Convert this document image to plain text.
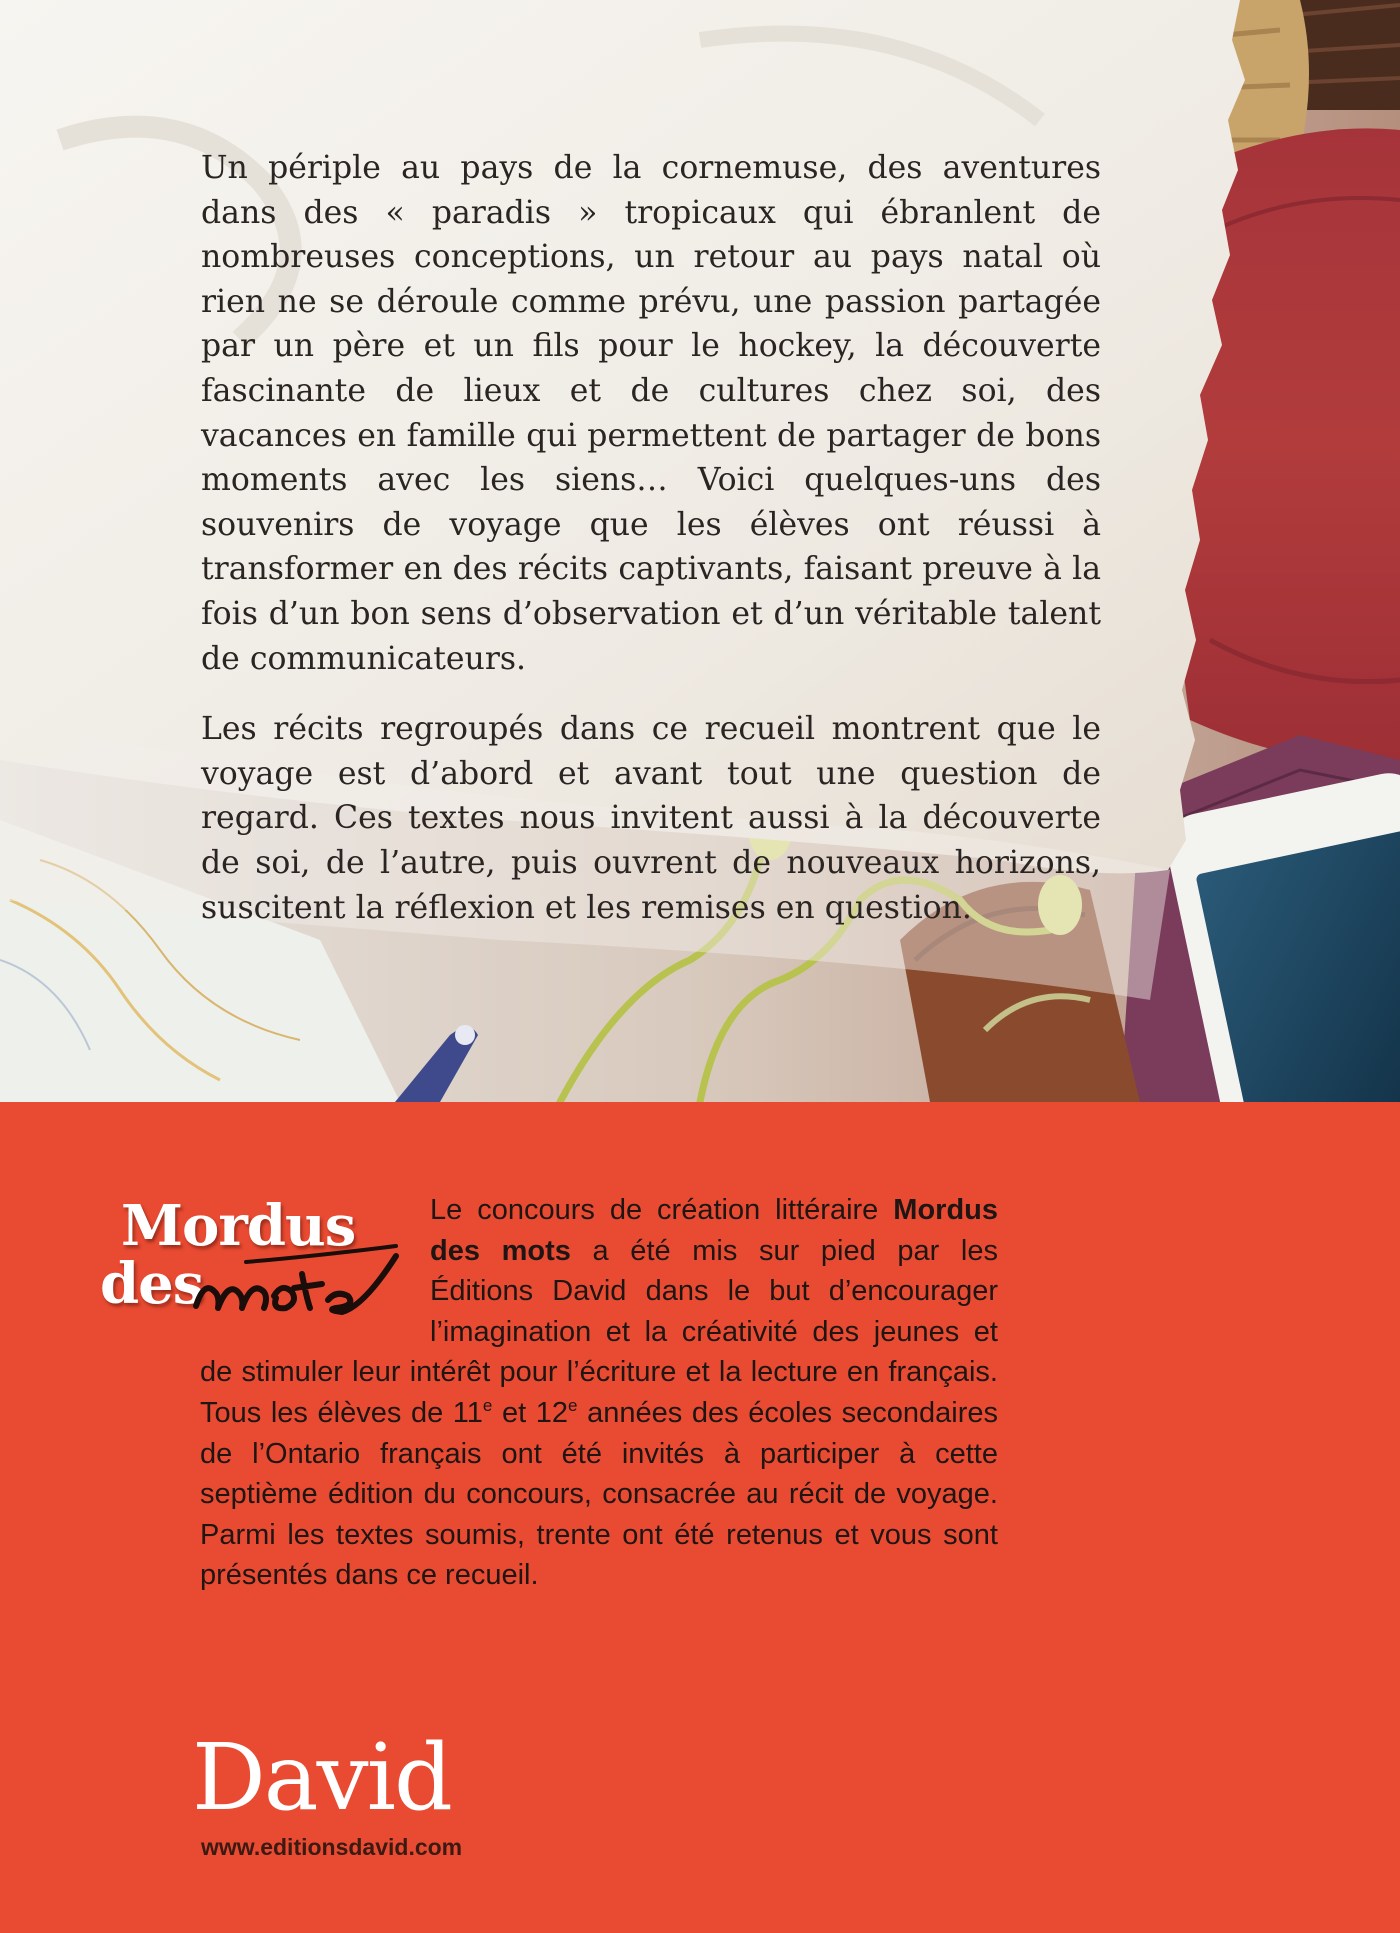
Un périple au pays de la cornemuse, des aventures dans des « paradis » tropicaux qui ébranlent de nombreuses conceptions, un retour au pays natal où rien ne se déroule comme prévu, une passion partagée par un père et un fils pour le hockey, la découverte fascinante de lieux et de cultures chez soi, des vacances en famille qui permettent de partager de bons moments avec les siens… Voici quelques-uns des souvenirs de voyage que les élèves ont réussi à transformer en des récits captivants, faisant preuve à la fois d’un bon sens d’observation et d’un véritable talent de communicateurs.

Les récits regroupés dans ce recueil montrent que le voyage est d’abord et avant tout une question de regard. Ces textes nous invitent aussi à la découverte de soi, de l’autre, puis ouvrent de nouveaux horizons, suscitent la réflexion et les remises en question.

Mordus
des
Le concours de création littéraire Mordus des mots a été mis sur pied par les Éditions David dans le but d’encourager l’imagination et la créativité des jeunes et de stimuler leur intérêt pour l’écriture et la lecture en français. Tous les élèves de 11e et 12e années des écoles secondaires de l’Ontario français ont été invités à participer à cette septième édition du concours, consacrée au récit de voyage. Parmi les textes soumis, trente ont été retenus et vous sont présentés dans ce recueil.
David
www.editionsdavid.com
